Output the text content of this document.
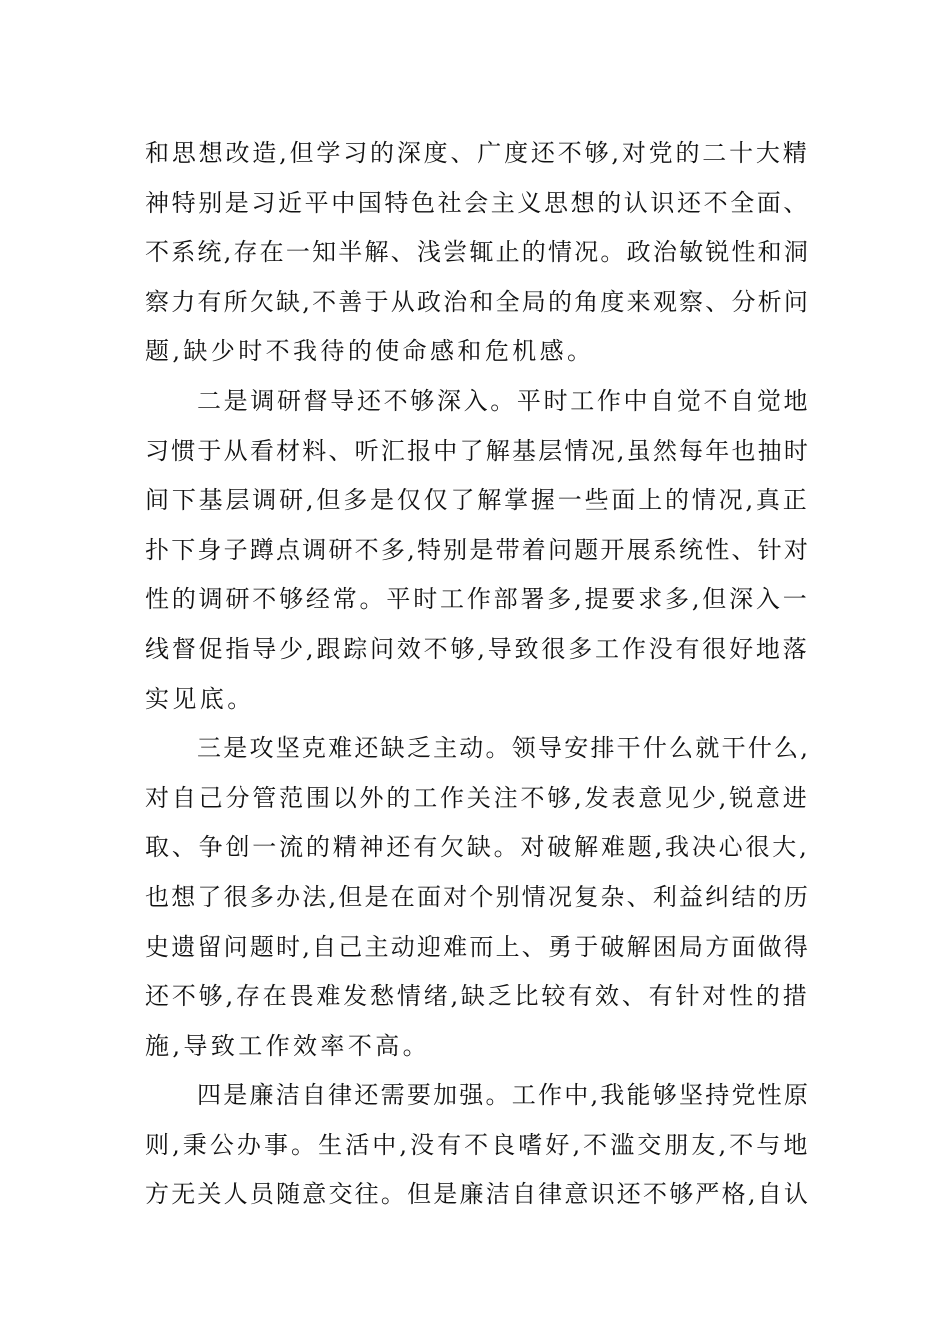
和思想改造,但学习的深度、广度还不够,对党的二十大精
神特别是习近平中国特色社会主义思想的认识还不全面、
不系统,存在一知半解、浅尝辄止的情况。政治敏锐性和洞
察力有所欠缺,不善于从政治和全局的角度来观察、分析问
题,缺少时不我待的使命感和危机感。

二是调研督导还不够深入。平时工作中自觉不自觉地
习惯于从看材料、听汇报中了解基层情况,虽然每年也抽时
间下基层调研,但多是仅仅了解掌握一些面上的情况,真正
扑下身子蹲点调研不多,特别是带着问题开展系统性、针对
性的调研不够经常。平时工作部署多,提要求多,但深入一
线督促指导少,跟踪问效不够,导致很多工作没有很好地落
实见底。

三是攻坚克难还缺乏主动。领导安排干什么就干什么,
对自己分管范围以外的工作关注不够,发表意见少,锐意进
取、争创一流的精神还有欠缺。对破解难题,我决心很大,
也想了很多办法,但是在面对个别情况复杂、利益纠结的历
史遗留问题时,自己主动迎难而上、勇于破解困局方面做得
还不够,存在畏难发愁情绪,缺乏比较有效、有针对性的措
施,导致工作效率不高。

四是廉洁自律还需要加强。工作中,我能够坚持党性原
则,秉公办事。生活中,没有不良嗜好,不滥交朋友,不与地
方无关人员随意交往。但是廉洁自律意识还不够严格,自认
